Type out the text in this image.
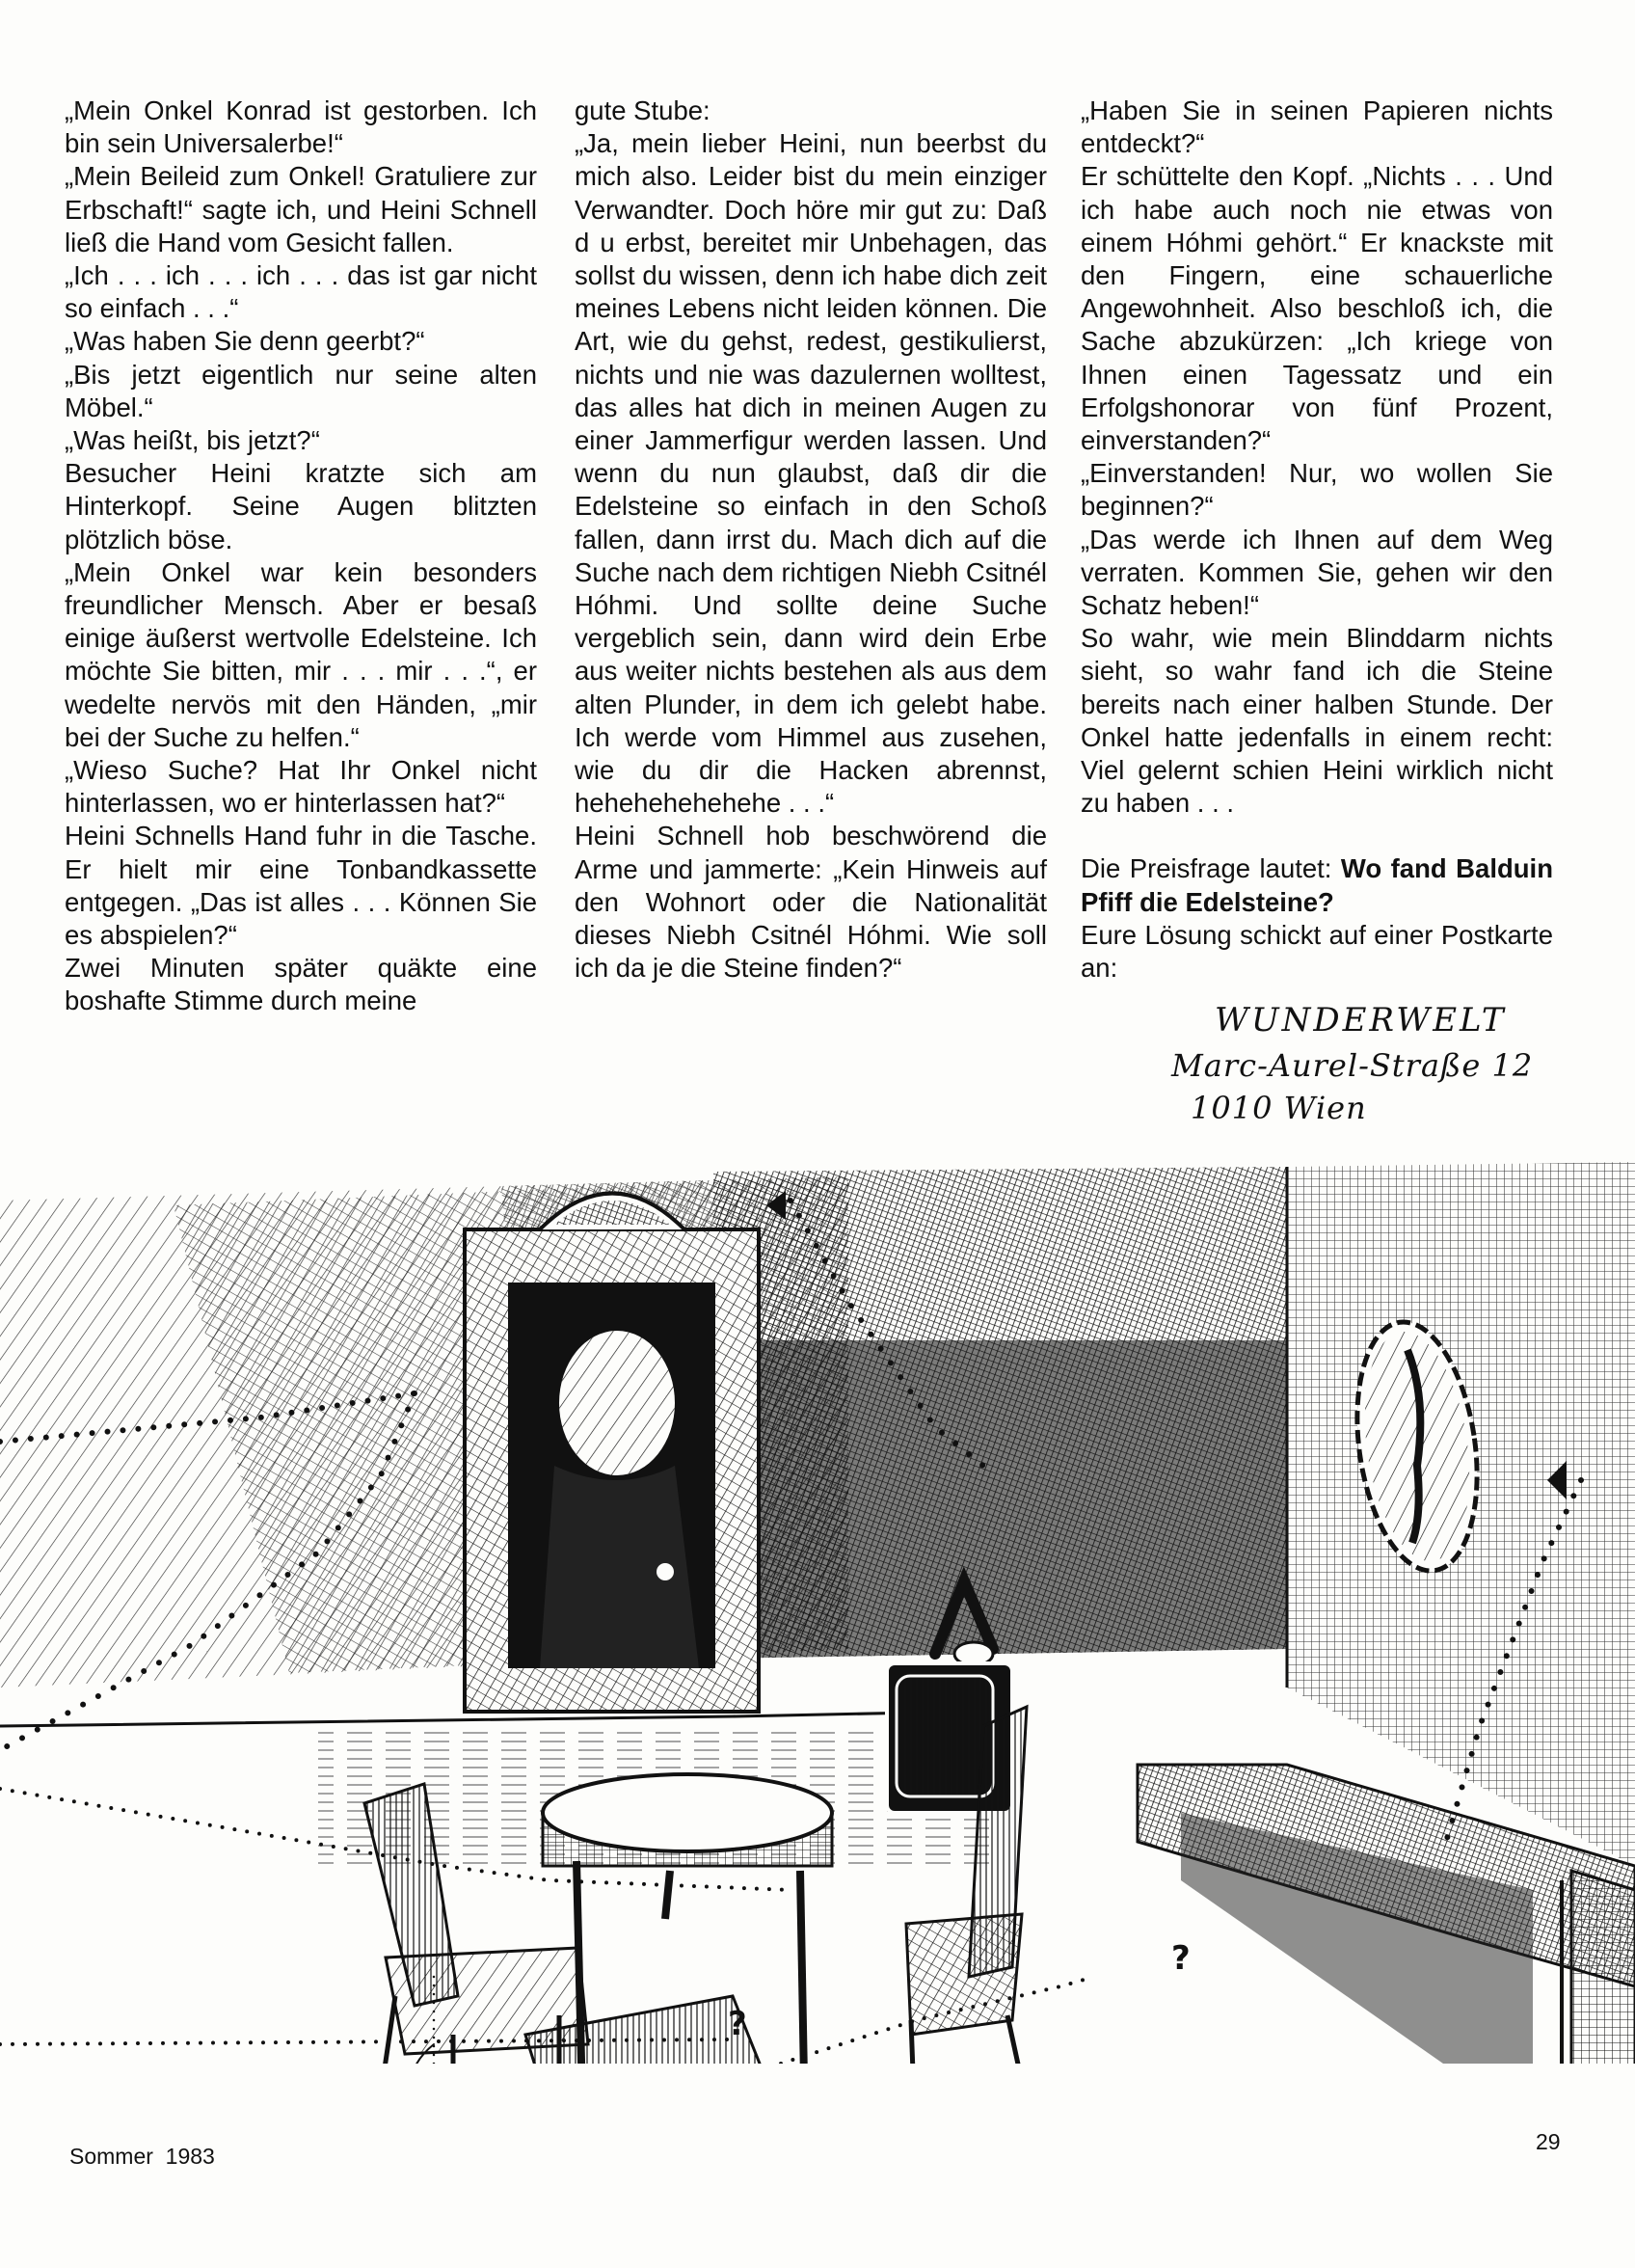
„Mein Onkel Konrad ist gestorben. Ich bin sein Universalerbe!“

„Mein Beileid zum Onkel! Gratuliere zur Erbschaft!“ sagte ich, und Heini Schnell ließ die Hand vom Gesicht fallen.

„Ich . . . ich . . . ich . . . das ist gar nicht so einfach . . .“

„Was haben Sie denn geerbt?“

„Bis jetzt eigentlich nur seine alten Möbel.“

„Was heißt, bis jetzt?“

Besucher Heini kratzte sich am Hinterkopf. Seine Augen blitzten plötzlich böse.

„Mein Onkel war kein besonders freundlicher Mensch. Aber er besaß einige äußerst wertvolle Edelsteine. Ich möchte Sie bitten, mir . . . mir . . .“, er wedelte nervös mit den Händen, „mir bei der Suche zu helfen.“

„Wieso Suche? Hat Ihr Onkel nicht hinterlassen, wo er hinterlassen hat?“

Heini Schnells Hand fuhr in die Tasche. Er hielt mir eine Tonbandkassette entgegen. „Das ist alles . . . Können Sie es abspielen?“

Zwei Minuten später quäkte eine boshafte Stimme durch meine

gute Stube:

„Ja, mein lieber Heini, nun beerbst du mich also. Leider bist du mein einziger Verwandter. Doch höre mir gut zu: Daß d u erbst, bereitet mir Unbehagen, das sollst du wissen, denn ich habe dich zeit meines Lebens nicht leiden können. Die Art, wie du gehst, redest, gestikulierst, nichts und nie was dazulernen wolltest, das alles hat dich in meinen Augen zu einer Jammerfigur werden lassen. Und wenn du nun glaubst, daß dir die Edelsteine so einfach in den Schoß fallen, dann irrst du. Mach dich auf die Suche nach dem richtigen Niebh Csitnél Hóhmi. Und sollte deine Suche vergeblich sein, dann wird dein Erbe aus weiter nichts bestehen als aus dem alten Plunder, in dem ich gelebt habe. Ich werde vom Himmel aus zusehen, wie du dir die Hacken abrennst, hehehehehehehe . . .“

Heini Schnell hob beschwörend die Arme und jammerte: „Kein Hinweis auf den Wohnort oder die Nationalität dieses Niebh Csitnél Hóhmi. Wie soll ich da je die Steine finden?“

„Haben Sie in seinen Papieren nichts entdeckt?“

Er schüttelte den Kopf. „Nichts . . . Und ich habe auch noch nie etwas von einem Hóhmi gehört.“ Er knackste mit den Fingern, eine schauerliche Angewohnheit. Also beschloß ich, die Sache abzukürzen: „Ich kriege von Ihnen einen Tagessatz und ein Erfolgshonorar von fünf Prozent, einverstanden?“

„Einverstanden! Nur, wo wollen Sie beginnen?“

„Das werde ich Ihnen auf dem Weg verraten. Kommen Sie, gehen wir den Schatz heben!“

So wahr, wie mein Blinddarm nichts sieht, so wahr fand ich die Steine bereits nach einer halben Stunde. Der Onkel hatte jedenfalls in einem recht: Viel gelernt schien Heini wirklich nicht zu haben . . .

Die Preisfrage lautet: Wo fand Balduin Pfiff die Edelsteine?

Eure Lösung schickt auf einer Postkarte an:

WUNDERWELT
Marc-Aurel-Straße 12
1010 Wien
?
?
Sommer  1983
29
